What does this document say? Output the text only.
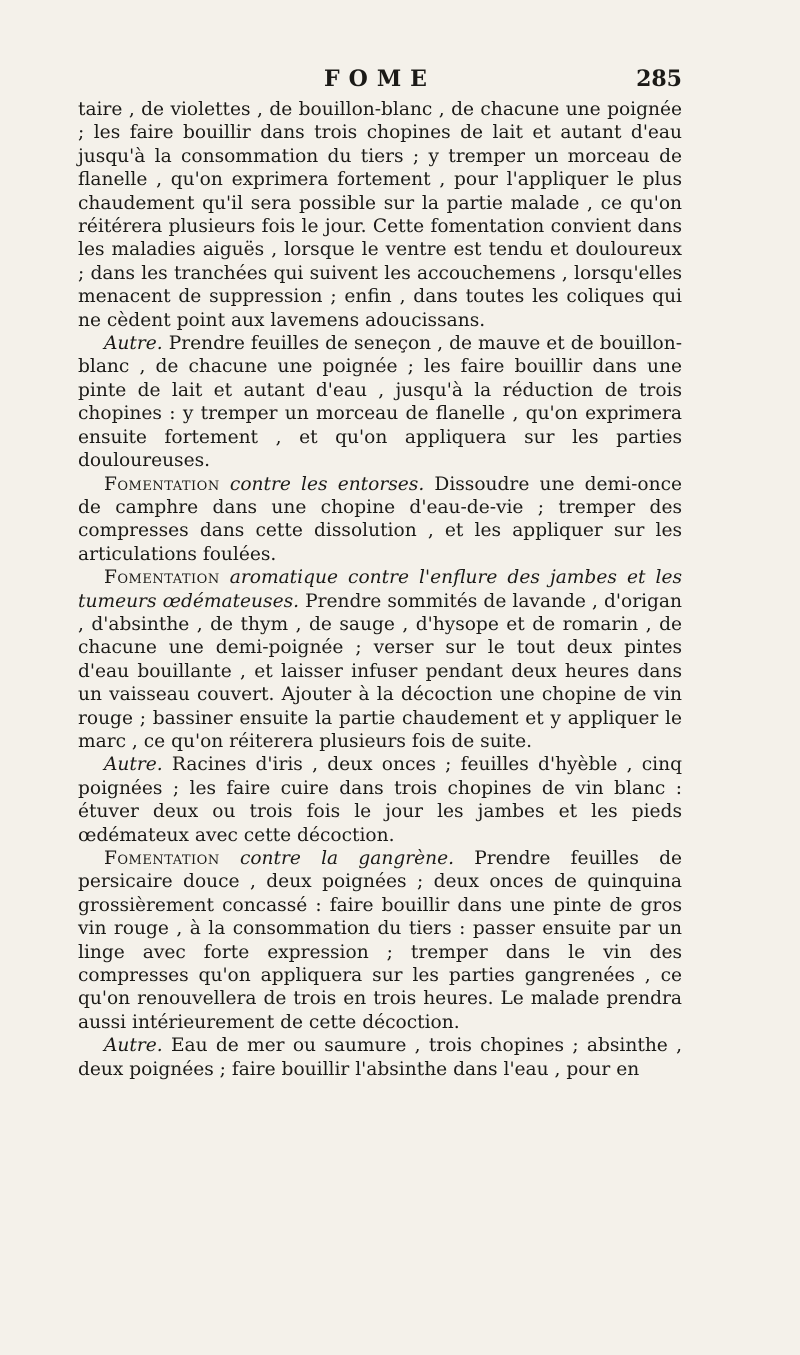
FOME	285

taire , de violettes , de bouillon-blanc , de chacune une poignée ; les faire bouillir dans trois chopines de lait et autant d'eau jusqu'à la consommation du tiers ; y tremper un morceau de flanelle , qu'on exprimera fortement , pour l'appliquer le plus chaudement qu'il sera possible sur la partie malade , ce qu'on réitérera plusieurs fois le jour. Cette fomentation convient dans les maladies aiguës , lorsque le ventre est tendu et douloureux ; dans les tranchées qui suivent les accouchemens , lorsqu'elles menacent de suppression ; enfin , dans toutes les coliques qui ne cèdent point aux lavemens adoucissans.

Autre. Prendre feuilles de seneçon , de mauve et de bouillon-blanc , de chacune une poignée ; les faire bouillir dans une pinte de lait et autant d'eau , jusqu'à la réduction de trois chopines : y tremper un morceau de flanelle , qu'on exprimera ensuite fortement , et qu'on appliquera sur les parties douloureuses.

Fomentation contre les entorses. Dissoudre une demi-once de camphre dans une chopine d'eau-de-vie ; tremper des compresses dans cette dissolution , et les appliquer sur les articulations foulées.

Fomentation aromatique contre l'enflure des jambes et les tumeurs œdémateuses. Prendre sommités de lavande , d'origan , d'absinthe , de thym , de sauge , d'hysope et de romarin , de chacune une demi-poignée ; verser sur le tout deux pintes d'eau bouillante , et laisser infuser pendant deux heures dans un vaisseau couvert. Ajouter à la décoction une chopine de vin rouge ; bassiner ensuite la partie chaudement et y appliquer le marc , ce qu'on réiterera plusieurs fois de suite.

Autre. Racines d'iris , deux onces ; feuilles d'hyèble , cinq poignées ; les faire cuire dans trois chopines de vin blanc : étuver deux ou trois fois le jour les jambes et les pieds œdémateux avec cette décoction.

Fomentation contre la gangrène. Prendre feuilles de persicaire douce , deux poignées ; deux onces de quinquina grossièrement concassé : faire bouillir dans une pinte de gros vin rouge , à la consommation du tiers : passer ensuite par un linge avec forte expression ; tremper dans le vin des compresses qu'on appliquera sur les parties gangrenées , ce qu'on renouvellera de trois en trois heures. Le malade prendra aussi intérieurement de cette décoction.

Autre. Eau de mer ou saumure , trois chopines ; absinthe , deux poignées ; faire bouillir l'absinthe dans l'eau , pour en
